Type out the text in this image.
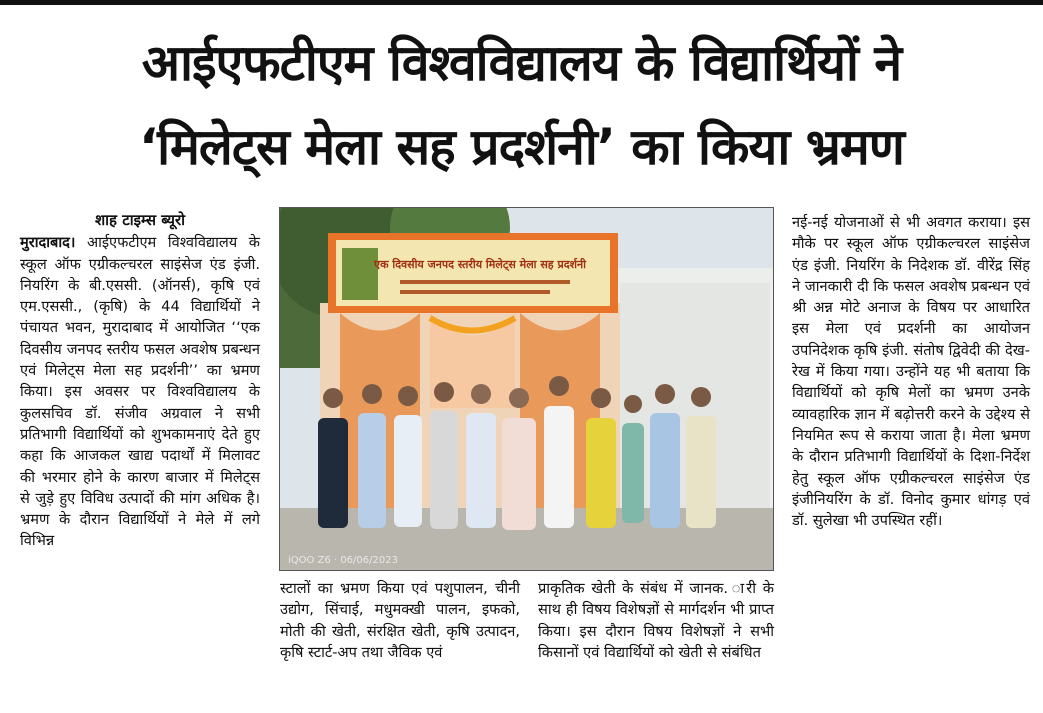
आईएफटीएम विश्वविद्यालय के विद्यार्थियों ने
‘मिलेट्स मेला सह प्रदर्शनी’ का किया भ्रमण
शाह टाइम्स ब्यूरो

मुरादाबाद। आईएफटीएम विश्वविद्यालय के स्कूल ऑफ एग्रीकल्चरल साइंसेज एंड इंजी. नियरिंग के बी.एससी. (ऑनर्स), कृषि एवं एम.एससी., (कृषि) के 44 विद्यार्थियों ने पंचायत भवन, मुरादाबाद में आयोजित ‘‘एक दिवसीय जनपद स्तरीय फसल अवशेष प्रबन्धन एवं मिलेट्स मेला सह प्रदर्शनी’’ का भ्रमण किया। इस अवसर पर विश्वविद्यालय के कुलसचिव डॉ. संजीव अग्रवाल ने सभी प्रतिभागी विद्यार्थियों को शुभकामनाएं देते हुए कहा कि आजकल खाद्य पदार्थों में मिलावट की भरमार होने के कारण बाजार में मिलेट्स से जुड़े हुए विविध उत्पादों की मांग अधिक है। भ्रमण के दौरान विद्यार्थियों ने मेले में लगे विभिन्न

एक दिवसीय जनपद स्तरीय मिलेट्स मेला सह प्रदर्शनी
iQOO Z6 · 06/06/2023

स्टालों का भ्रमण किया एवं पशुपालन, चीनी उद्योग, सिंचाई, मधुमक्खी पालन, इफको, मोती की खेती, संरक्षित खेती, कृषि उत्पादन, कृषि स्टार्ट-अप तथा जैविक एवं

प्राकृतिक खेती के संबंध में जानक. ारी के साथ ही विषय विशेषज्ञों से मार्गदर्शन भी प्राप्त किया। इस दौरान विषय विशेषज्ञों ने सभी किसानों एवं विद्यार्थियों को खेती से संबंधित

नई-नई योजनाओं से भी अवगत कराया। इस मौके पर स्कूल ऑफ एग्रीकल्चरल साइंसेज एंड इंजी. नियरिंग के निदेशक डॉ. वीरेंद्र सिंह ने जानकारी दी कि फसल अवशेष प्रबन्धन एवं श्री अन्न मोटे अनाज के विषय पर आधारित इस मेला एवं प्रदर्शनी का आयोजन उपनिदेशक कृषि इंजी. संतोष द्विवेदी की देख-रेख में किया गया। उन्होंने यह भी बताया कि विद्यार्थियों को कृषि मेलों का भ्रमण उनके व्यावहारिक ज्ञान में बढ़ोत्तरी करने के उद्देश्य से नियमित रूप से कराया जाता है। मेला भ्रमण के दौरान प्रतिभागी विद्यार्थियों के दिशा-निर्देश हेतु स्कूल ऑफ एग्रीकल्चरल साइंसेज एंड इंजीनियरिंग के डॉ. विनोद कुमार धांगड़ एवं डॉ. सुलेखा भी उपस्थित रहीं।
